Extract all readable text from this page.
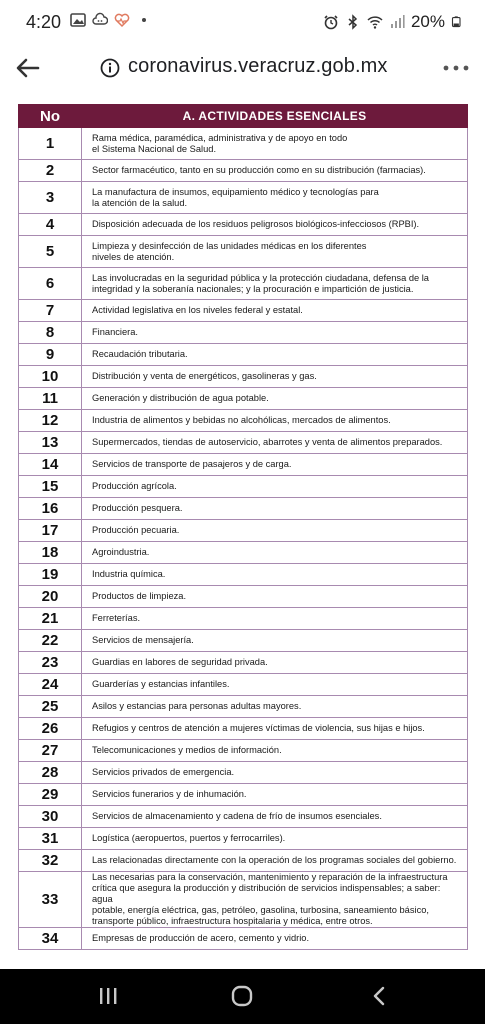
4:20	20%
coronavirus.veracruz.gob.mx
No	A. ACTIVIDADES ESENCIALES
1	Rama médica, paramédica, administrativa y de apoyo en todo
el Sistema Nacional de Salud.

2	Sector farmacéutico, tanto en su producción como en su distribución (farmacias).

3	La manufactura de insumos, equipamiento médico y tecnologías para
la atención de la salud.

4	Disposición adecuada de los residuos peligrosos biológicos-infecciosos (RPBI).

5	Limpieza y desinfección de las unidades médicas en los diferentes
niveles de atención.

6	Las involucradas en la seguridad pública y la protección ciudadana, defensa de la
integridad y la soberanía nacionales; y la procuración e impartición de justicia.

7	Actividad legislativa en los niveles federal y estatal.

8	Financiera.

9	Recaudación tributaria.

10	Distribución y venta de energéticos, gasolineras y gas.

11	Generación y distribución de agua potable.

12	Industria de alimentos y bebidas no alcohólicas, mercados de alimentos.

13	Supermercados, tiendas de autoservicio, abarrotes y venta de alimentos preparados.

14	Servicios de transporte de pasajeros y de carga.

15	Producción agrícola.

16	Producción pesquera.

17	Producción pecuaria.

18	Agroindustria.

19	Industria química.

20	Productos de limpieza.

21	Ferreterías.

22	Servicios de mensajería.

23	Guardias en labores de seguridad privada.

24	Guarderías y estancias infantiles.

25	Asilos y estancias para personas adultas mayores.

26	Refugios y centros de atención a mujeres víctimas de violencia, sus hijas e hijos.

27	Telecomunicaciones y medios de información.

28	Servicios privados de emergencia.

29	Servicios funerarios y de inhumación.

30	Servicios de almacenamiento y cadena de frío de insumos esenciales.

31	Logística (aeropuertos, puertos y ferrocarriles).

32	Las relacionadas directamente con la operación de los programas sociales del gobierno.

33	Las necesarias para la conservación, mantenimiento y reparación de la infraestructura
crítica que asegura la producción y distribución de servicios indispensables; a saber: agua
potable, energía eléctrica, gas, petróleo, gasolina, turbosina, saneamiento básico,
transporte público, infraestructura hospitalaria y médica, entre otros.

34	Empresas de producción de acero, cemento y vidrio.
